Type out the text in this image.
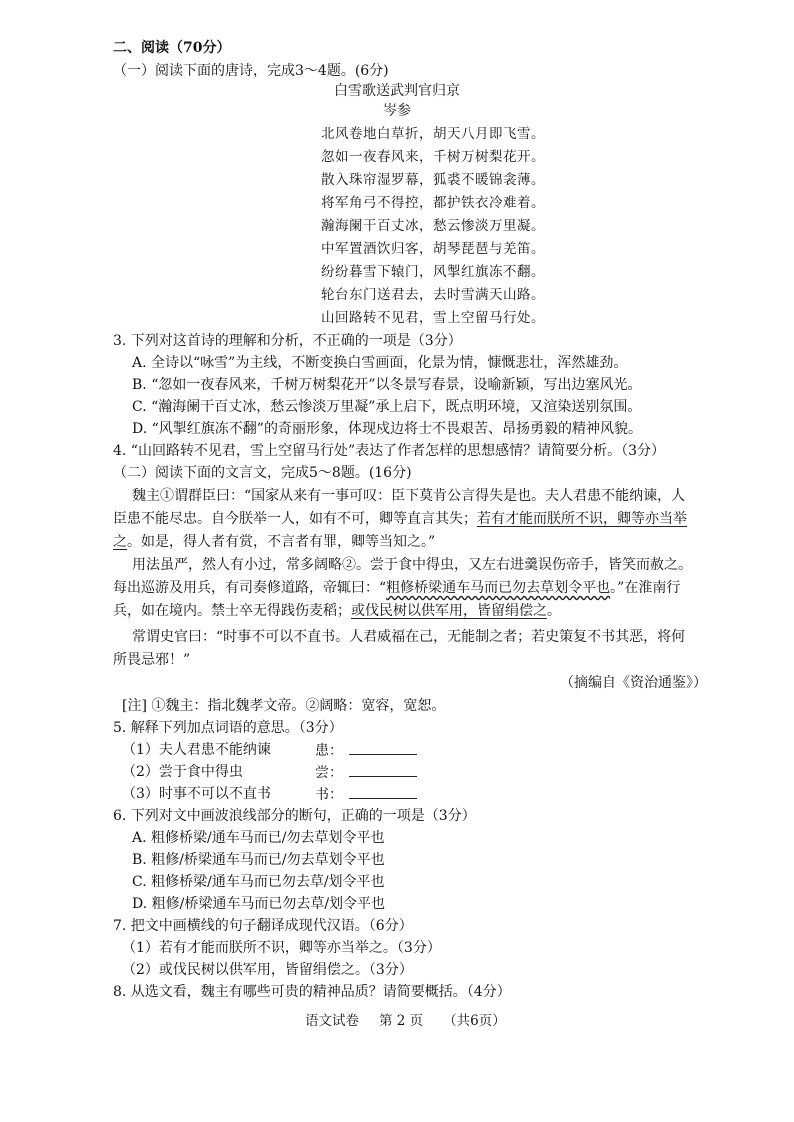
二、阅读（70分）
（一）阅读下面的唐诗，完成3～4题。(6分)
白雪歌送武判官归京
岑参
北风卷地白草折，胡天八月即飞雪。
忽如一夜春风来，千树万树梨花开。
散入珠帘湿罗幕，狐裘不暖锦衾薄。
将军角弓不得控，都护铁衣冷难着。
瀚海阑干百丈冰，愁云惨淡万里凝。
中军置酒饮归客，胡琴琵琶与羌笛。
纷纷暮雪下辕门，风掣红旗冻不翻。
轮台东门送君去，去时雪满天山路。
山回路转不见君，雪上空留马行处。
3. 下列对这首诗的理解和分析，不正确的一项是（3分）
A. 全诗以“咏雪”为主线，不断变换白雪画面，化景为情，慷慨悲壮，浑然雄劲。
B. “忽如一夜春风来，千树万树梨花开”以冬景写春景，设喻新颖，写出边塞风光。
C. “瀚海阑干百丈冰，愁云惨淡万里凝”承上启下，既点明环境，又渲染送别氛围。
D. “风掣红旗冻不翻”的奇丽形象，体现戍边将士不畏艰苦、昂扬勇毅的精神风貌。
4. “山回路转不见君，雪上空留马行处”表达了作者怎样的思想感情？请简要分析。（3分）
（二）阅读下面的文言文，完成5～8题。(16分)
魏主①谓群臣曰：“国家从来有一事可叹：臣下莫肯公言得失是也。夫人君患不能纳谏，人
臣患不能尽忠。自今朕举一人，如有不可，卿等直言其失；若有才能而朕所不识，卿等亦当举
之。如是，得人者有赏，不言者有罪，卿等当知之。”
用法虽严，然人有小过，常多阔略②。尝于食中得虫，又左右进羹误伤帝手，皆笑而赦之。
每出巡游及用兵，有司奏修道路，帝辄曰：“粗修桥梁通车马而已勿去草划令平也。”在淮南行
兵，如在境内。禁士卒无得践伤麦稻；或伐民树以供军用，皆留绢偿之。
常谓史官曰：“时事不可以不直书。人君威福在己，无能制之者；若史策复不书其恶，将何
所畏忌邪！”
（摘编自《资治通鉴》）
[注] ①魏主：指北魏孝文帝。②阔略：宽容，宽恕。
5. 解释下列加点词语的意思。（3分）
（1）夫人君患不能纳谏	患：
（2）尝于食中得虫	尝：
（3）时事不可以不直书	书：
6. 下列对文中画波浪线部分的断句，正确的一项是（3分）
A. 粗修桥梁/通车马而已/勿去草划令平也
B. 粗修/桥梁通车马而已/勿去草划令平也
C. 粗修桥梁/通车马而已勿去草/划令平也
D. 粗修/桥梁通车马而已勿去草/划令平也
7. 把文中画横线的句子翻译成现代汉语。（6分）
（1）若有才能而朕所不识，卿等亦当举之。（3分）
（2）或伐民树以供军用，皆留绢偿之。（3分）
8. 从选文看，魏主有哪些可贵的精神品质？请简要概括。（4分）
语文试卷 第 2 页 （共6页）
